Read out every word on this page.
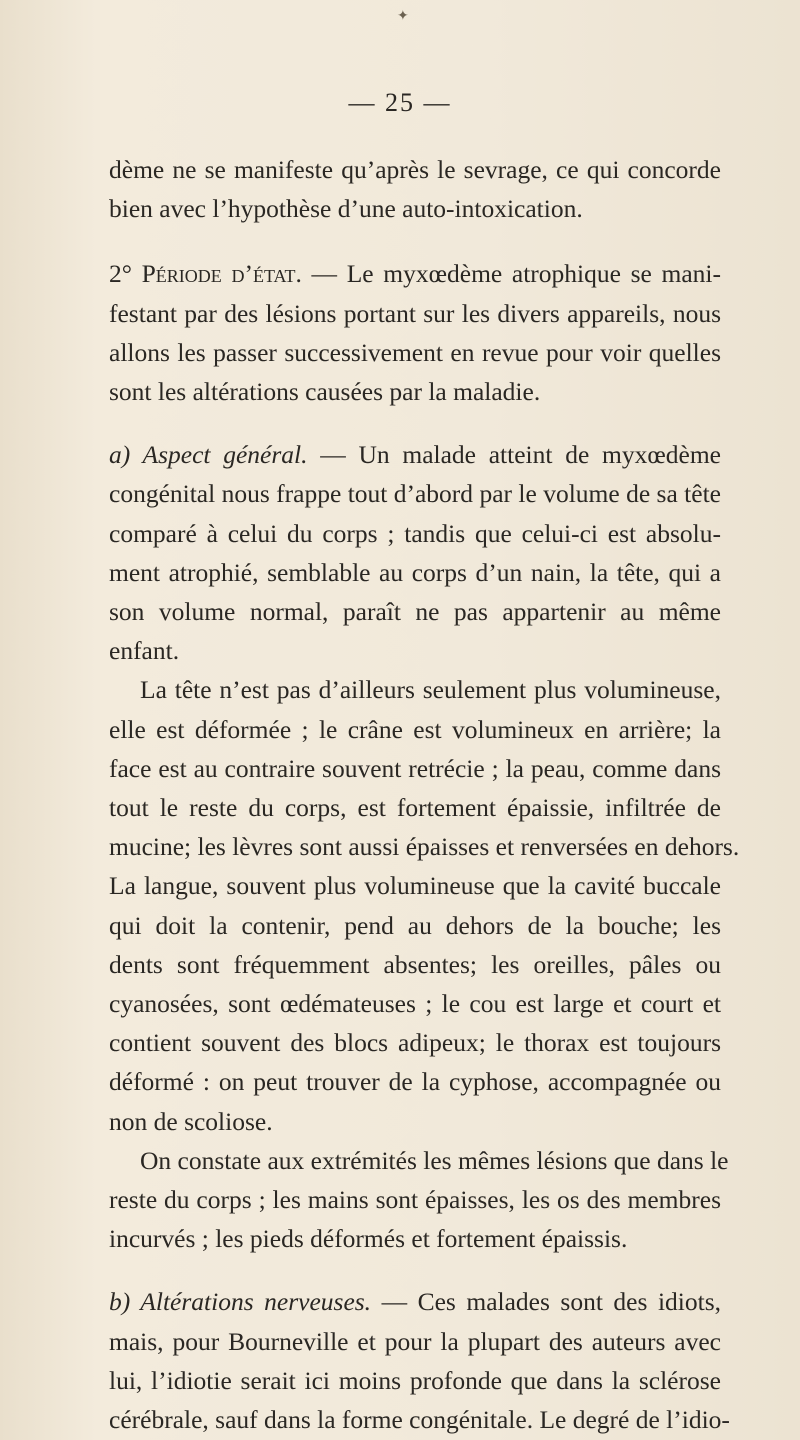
✦
— 25 —
dème ne se manifeste qu’après le sevrage, ce qui concorde
bien avec l’hypothèse d’une auto-intoxication.
2° Période d’état. — Le myxœdème atrophique se mani-
festant par des lésions portant sur les divers appareils, nous
allons les passer successivement en revue pour voir quelles
sont les altérations causées par la maladie.
a) Aspect général. — Un malade atteint de myxœdème
congénital nous frappe tout d’abord par le volume de sa tête
comparé à celui du corps ; tandis que celui-ci est absolu-
ment atrophié, semblable au corps d’un nain, la tête, qui a
son volume normal, paraît ne pas appartenir au même
enfant.
La tête n’est pas d’ailleurs seulement plus volumineuse,
elle est déformée ; le crâne est volumineux en arrière; la
face est au contraire souvent retrécie ; la peau, comme dans
tout le reste du corps, est fortement épaissie, infiltrée de
mucine; les lèvres sont aussi épaisses et renversées en dehors.
La langue, souvent plus volumineuse que la cavité buccale
qui doit la contenir, pend au dehors de la bouche; les
dents sont fréquemment absentes; les oreilles, pâles ou
cyanosées, sont œdémateuses ; le cou est large et court et
contient souvent des blocs adipeux; le thorax est toujours
déformé : on peut trouver de la cyphose, accompagnée ou
non de scoliose.
On constate aux extrémités les mêmes lésions que dans le
reste du corps ; les mains sont épaisses, les os des membres
incurvés ; les pieds déformés et fortement épaissis.
b) Altérations nerveuses. — Ces malades sont des idiots,
mais, pour Bourneville et pour la plupart des auteurs avec
lui, l’idiotie serait ici moins profonde que dans la sclérose
cérébrale, sauf dans la forme congénitale. Le degré de l’idio-
